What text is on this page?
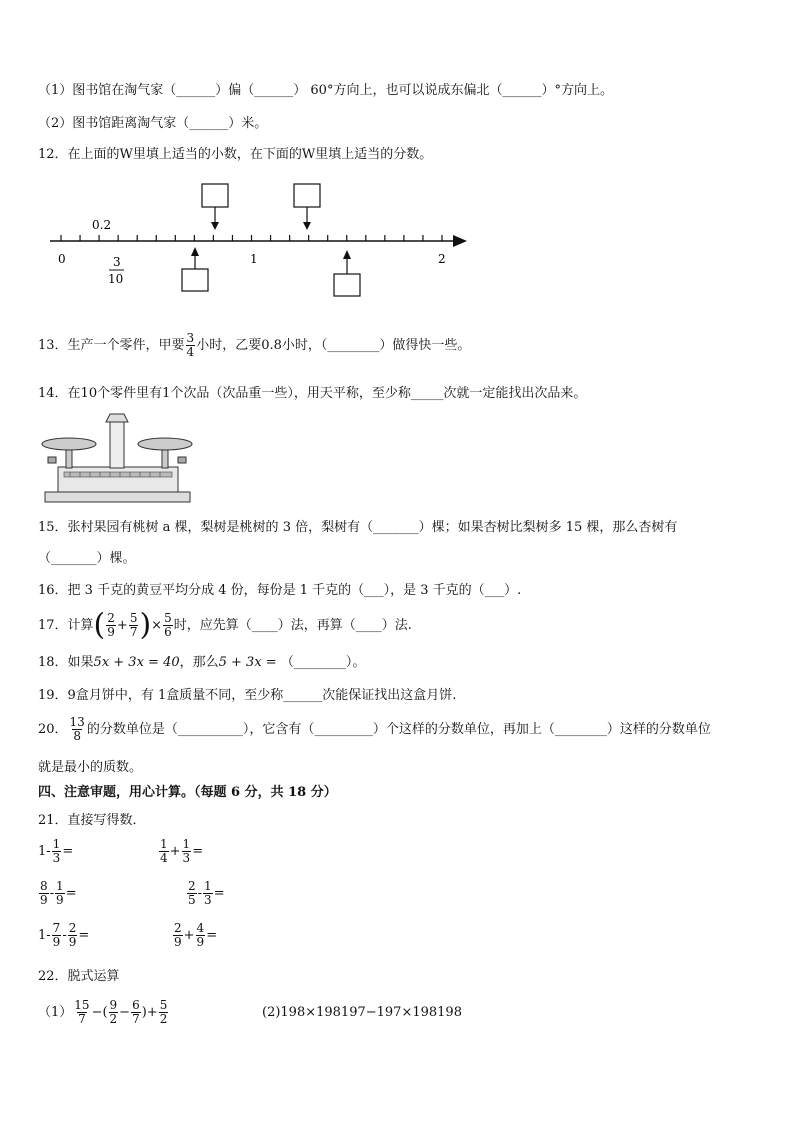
（1）图书馆在淘气家（______）偏（______） 60°方向上，也可以说成东偏北（______）°方向上。
（2）图书馆距离淘气家（______）米。
12．在上面的W里填上适当的小数，在下面的W里填上适当的分数。
0.2
0	1	2
3
10
13．生产一个零件，甲要 $\frac{3}{4}$ 小时，乙要0.8小时，（________）做得快一些。
14．在10个零件里有1个次品（次品重一些），用天平称，至少称_____次就一定能找出次品来。
15．张村果园有桃树 a 棵，梨树是桃树的 3 倍，梨树有（_______）棵；如果杏树比梨树多 15 棵，那么杏树有
（_______）棵。
16．把 3 千克的黄豆平均分成 4 份，每份是 1 千克的（___），是 3 千克的（___）.
17．计算( $\frac{2}{9} + \frac{5}{7}$ )× $\frac{5}{6}$ 时，应先算（____）法，再算（____）法.
18．如果5x + 3x = 40，那么5 + 3x = （________）。
19．9盒月饼中，有 1盒质量不同，至少称______次能保证找出这盒月饼.
20． $\frac{13}{8}$ 的分数单位是（__________），它含有（_________）个这样的分数单位，再加上（________）这样的分数单位
就是最小的质数。
四、注意审题，用心计算。（每题 6 分，共 18 分）
21．直接写得数．
$1- \frac{1}{3}$ =	$\frac{1}{4} + \frac{1}{3}$ =
$\frac{8}{9} - \frac{1}{9}$ =	$\frac{2}{5} - \frac{1}{3}$ =
$1- \frac{7}{9} - \frac{2}{9}$ =	$\frac{2}{9} + \frac{4}{9}$ =
22．脱式运算
$(1) \frac{15}{7}$ −( $\frac{9}{2} - \frac{6}{7}$ )+ $\frac{5}{2}$	(2)198×198197−197×198198
